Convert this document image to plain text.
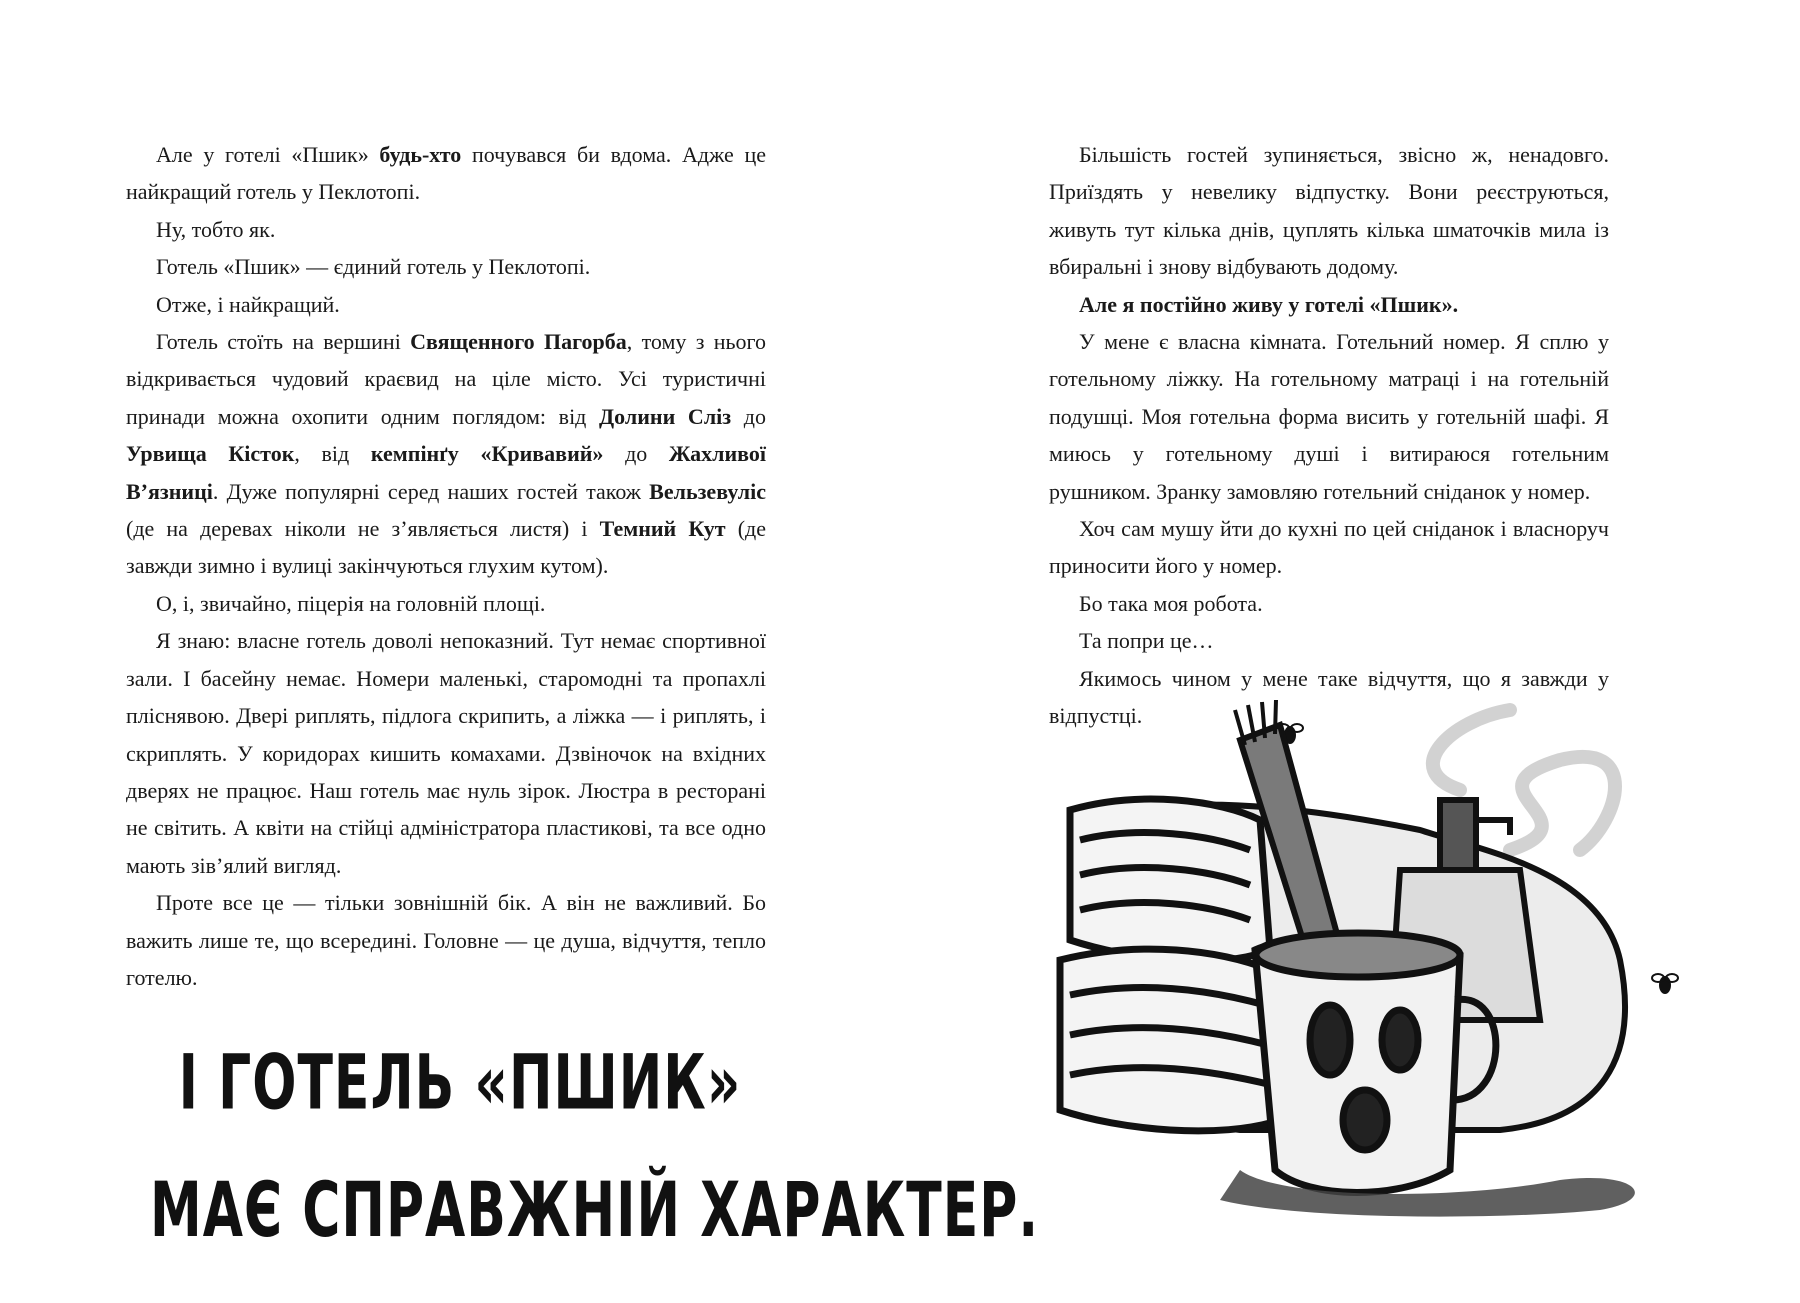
Але у готелі «Пшик» будь-хто почувався би вдома. Адже це найкращий готель у Пеклотопі.

Ну, тобто як.

Готель «Пшик» — єдиний готель у Пеклотопі.

Отже, і найкращий.

Готель стоїть на вершині Священного Пагорба, тому з нього відкривається чудовий краєвид на ціле місто. Усі туристичні принади можна охопити одним поглядом: від Долини Сліз до Урвища Кісток, від кемпінґу «Кривавий» до Жахливої В’язниці. Дуже популярні серед наших гостей також Вельзевуліс (де на деревах ніколи не з’являється листя) і Темний Кут (де завжди зимно і вулиці закінчуються глухим кутом).

О, і, звичайно, піцерія на головній площі.

Я знаю: власне готель доволі непоказний. Тут немає спортивної зали. І басейну немає. Номери маленькі, старомодні та пропахлі пліснявою. Двері риплять, підлога скрипить, а ліжка — і риплять, і скриплять. У коридорах кишить комахами. Дзвіночок на вхідних дверях не працює. Наш готель має нуль зірок. Люстра в ресторані не світить. А квіти на стійці адміністратора пластикові, та все одно мають зів’ялий вигляд.

Проте все це — тільки зовнішній бік. А він не важливий. Бо важить лише те, що всередині. Головне — це душа, відчуття, тепло готелю.

І ГОТЕЛЬ «ПШИК»
МАЄ СПРАВЖНІЙ ХАРАКТЕР.

Більшість гостей зупиняється, звісно ж, ненадовго. Приїздять у невелику відпустку. Вони реєструються, живуть тут кілька днів, цуплять кілька шматочків мила із вбиральні і знову відбувають додому.

Але я постійно живу у готелі «Пшик».

У мене є власна кімната. Готельний номер. Я сплю у готельному ліжку. На готельному матраці і на готельній подушці. Моя готельна форма висить у готельній шафі. Я миюсь у готельному душі і витираюся готельним рушником. Зранку замовляю готельний сніданок у номер.

Хоч сам мушу йти до кухні по цей сніданок і власноруч приносити його у номер.

Бо така моя робота.

Та попри це…

Якимось чином у мене таке відчуття, що я завжди у відпустці.
